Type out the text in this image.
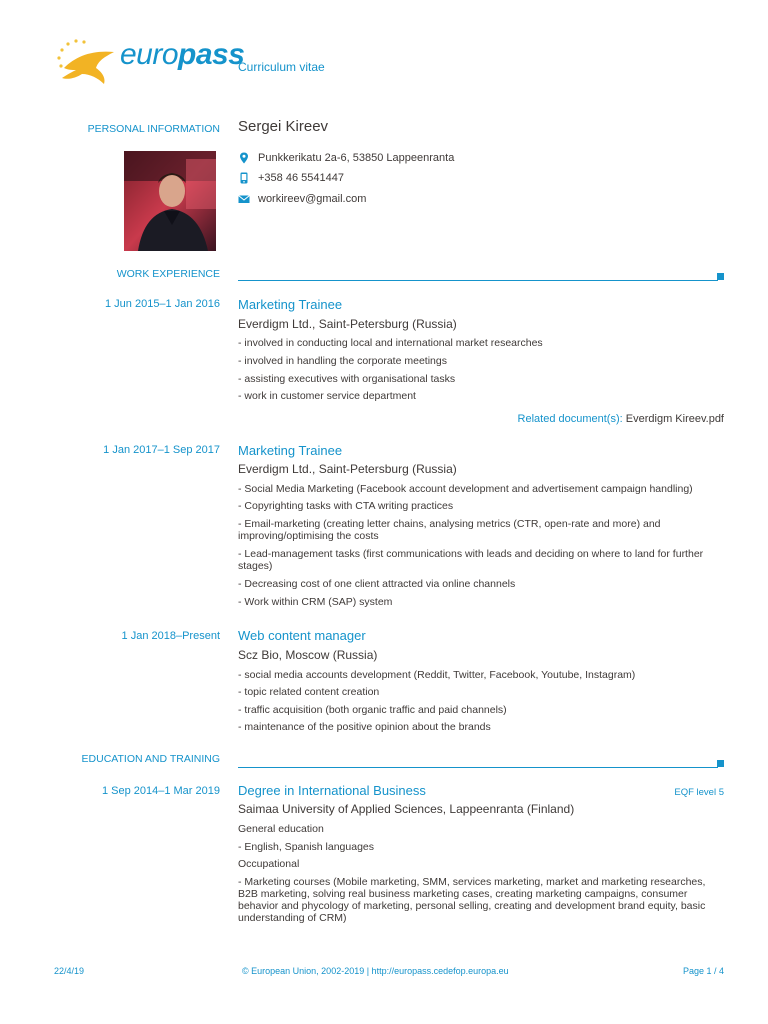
europass
Curriculum vitae
PERSONAL INFORMATION Sergei Kireev
Punkkerikatu 2a-6, 53850 Lappeenranta
+358 46 5541447
workireev@gmail.com
WORK EXPERIENCE
1 Jun 2015–1 Jan 2016 Marketing Trainee
Everdigm Ltd., Saint-Petersburg (Russia)
- involved in conducting local and international market researches
- involved in handling the corporate meetings
- assisting executives with organisational tasks
- work in customer service department
Related document(s): Everdigm Kireev.pdf
1 Jan 2017–1 Sep 2017 Marketing Trainee
Everdigm Ltd., Saint-Petersburg (Russia)
- Social Media Marketing (Facebook account development and advertisement campaign handling)
- Copyrighting tasks with CTA writing practices
- Email-marketing (creating letter chains, analysing metrics (CTR, open-rate and more) and improving/optimising the costs
- Lead-management tasks (first communications with leads and deciding on where to land for further stages)
- Decreasing cost of one client attracted via online channels
- Work within CRM (SAP) system
1 Jan 2018–Present Web content manager
Scz Bio, Moscow (Russia)
- social media accounts development (Reddit, Twitter, Facebook, Youtube, Instagram)
- topic related content creation
- traffic acquisition (both organic traffic and paid channels)
- maintenance of the positive opinion about the brands
EDUCATION AND TRAINING
1 Sep 2014–1 Mar 2019 Degree in International Business	EQF level 5
Saimaa University of Applied Sciences, Lappeenranta (Finland)
General education
- English, Spanish languages
Occupational
- Marketing courses (Mobile marketing, SMM, services marketing, market and marketing researches, B2B marketing, solving real business marketing cases, creating marketing campaigns, consumer behavior and phycology of marketing, personal selling, creating and development brand equity, basic understanding of CRM)
22/4/19	© European Union, 2002-2019 | http://europass.cedefop.europa.eu	Page 1 / 4
